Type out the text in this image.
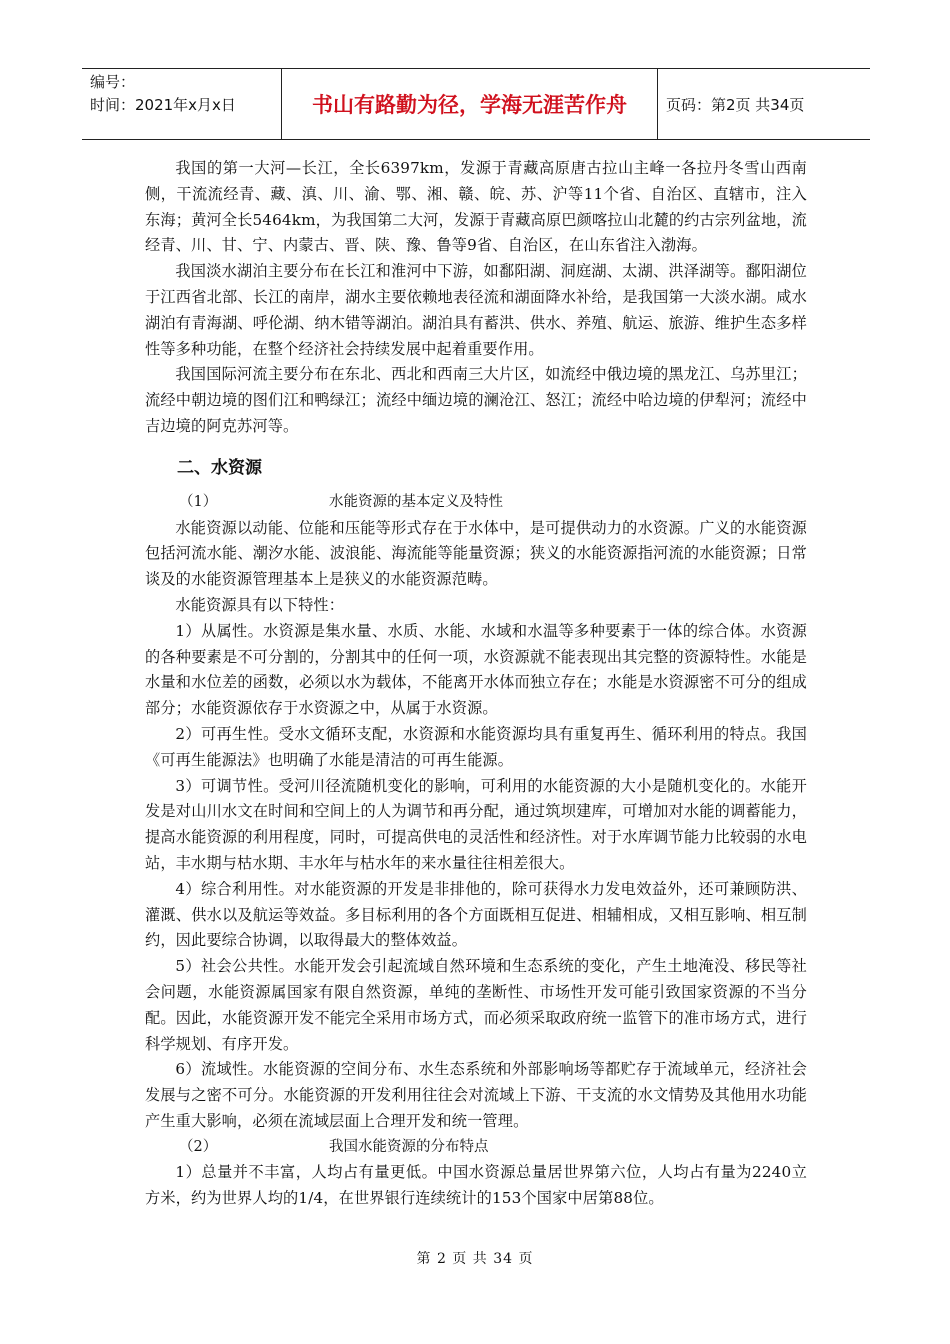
编号：
时间：2021年x月x日	书山有路勤为径，学海无涯苦作舟	页码：第2页 共34页

我国的第一大河—长江，全长6397km，发源于青藏高原唐古拉山主峰一各拉丹冬雪山西南侧，干流流经青、藏、滇、川、渝、鄂、湘、赣、皖、苏、沪等11个省、自治区、直辖市，注入东海；黄河全长5464km，为我国第二大河，发源于青藏高原巴颜喀拉山北麓的约古宗列盆地，流经青、川、甘、宁、内蒙古、晋、陕、豫、鲁等9省、自治区，在山东省注入渤海。

我国淡水湖泊主要分布在长江和淮河中下游，如鄱阳湖、洞庭湖、太湖、洪泽湖等。鄱阳湖位于江西省北部、长江的南岸，湖水主要依赖地表径流和湖面降水补给，是我国第一大淡水湖。咸水湖泊有青海湖、呼伦湖、纳木错等湖泊。湖泊具有蓄洪、供水、养殖、航运、旅游、维护生态多样性等多种功能，在整个经济社会持续发展中起着重要作用。

我国国际河流主要分布在东北、西北和西南三大片区，如流经中俄边境的黑龙江、乌苏里江；流经中朝边境的图们江和鸭绿江；流经中缅边境的澜沧江、怒江；流经中哈边境的伊犁河；流经中吉边境的阿克苏河等。

二、水资源
（1）	水能资源的基本定义及特性

水能资源以动能、位能和压能等形式存在于水体中，是可提供动力的水资源。广义的水能资源包括河流水能、潮汐水能、波浪能、海流能等能量资源；狭义的水能资源指河流的水能资源；日常谈及的水能资源管理基本上是狭义的水能资源范畴。

水能资源具有以下特性：

1）从属性。水资源是集水量、水质、水能、水域和水温等多种要素于一体的综合体。水资源的各种要素是不可分割的，分割其中的任何一项，水资源就不能表现出其完整的资源特性。水能是水量和水位差的函数，必须以水为载体，不能离开水体而独立存在；水能是水资源密不可分的组成部分；水能资源依存于水资源之中，从属于水资源。

2）可再生性。受水文循环支配，水资源和水能资源均具有重复再生、循环利用的特点。我国《可再生能源法》也明确了水能是清洁的可再生能源。

3）可调节性。受河川径流随机变化的影响，可利用的水能资源的大小是随机变化的。水能开发是对山川水文在时间和空间上的人为调节和再分配，通过筑坝建库，可增加对水能的调蓄能力，提高水能资源的利用程度，同时，可提高供电的灵活性和经济性。对于水库调节能力比较弱的水电站，丰水期与枯水期、丰水年与枯水年的来水量往往相差很大。

4）综合利用性。对水能资源的开发是非排他的，除可获得水力发电效益外，还可兼顾防洪、灌溉、供水以及航运等效益。多目标利用的各个方面既相互促进、相辅相成，又相互影响、相互制约，因此要综合协调，以取得最大的整体效益。

5）社会公共性。水能开发会引起流域自然环境和生态系统的变化，产生土地淹没、移民等社会问题，水能资源属国家有限自然资源，单纯的垄断性、市场性开发可能引致国家资源的不当分配。因此，水能资源开发不能完全采用市场方式，而必须采取政府统一监管下的准市场方式，进行科学规划、有序开发。

6）流域性。水能资源的空间分布、水生态系统和外部影响场等都贮存于流域单元，经济社会发展与之密不可分。水能资源的开发利用往往会对流域上下游、干支流的水文情势及其他用水功能产生重大影响，必须在流域层面上合理开发和统一管理。

（2）	我国水能资源的分布特点

1）总量并不丰富，人均占有量更低。中国水资源总量居世界第六位，人均占有量为2240立方米，约为世界人均的1/4，在世界银行连续统计的153个国家中居第88位。

第 2 页 共 34 页
